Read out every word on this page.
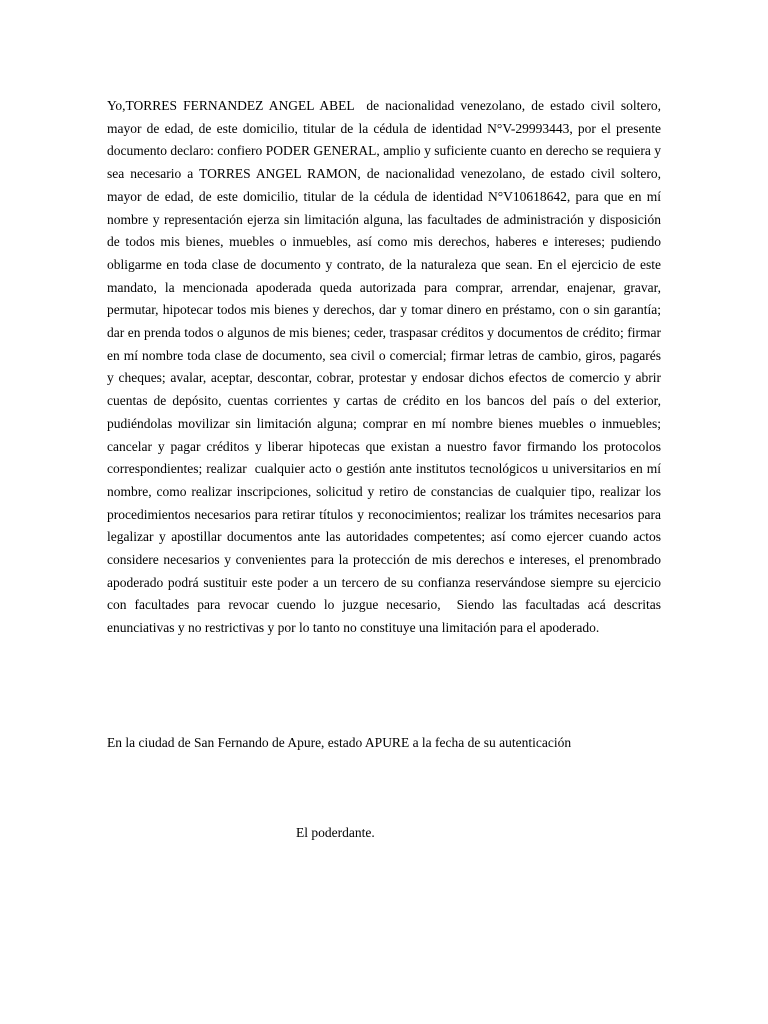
Yo,TORRES FERNANDEZ ANGEL ABEL  de nacionalidad venezolano, de estado civil soltero, mayor de edad, de este domicilio, titular de la cédula de identidad N°V-29993443, por el presente documento declaro: confiero PODER GENERAL, amplio y suficiente cuanto en derecho se requiera y sea necesario a TORRES ANGEL RAMON, de nacionalidad venezolano, de estado civil soltero, mayor de edad, de este domicilio, titular de la cédula de identidad N°V10618642, para que en mí nombre y representación ejerza sin limitación alguna, las facultades de administración y disposición de todos mis bienes, muebles o inmuebles, así como mis derechos, haberes e intereses; pudiendo obligarme en toda clase de documento y contrato, de la naturaleza que sean. En el ejercicio de este mandato, la mencionada apoderada queda autorizada para comprar, arrendar, enajenar, gravar, permutar, hipotecar todos mis bienes y derechos, dar y tomar dinero en préstamo, con o sin garantía; dar en prenda todos o algunos de mis bienes; ceder, traspasar créditos y documentos de crédito; firmar en mí nombre toda clase de documento, sea civil o comercial; firmar letras de cambio, giros, pagarés y cheques; avalar, aceptar, descontar, cobrar, protestar y endosar dichos efectos de comercio y abrir cuentas de depósito, cuentas corrientes y cartas de crédito en los bancos del país o del exterior, pudiéndolas movilizar sin limitación alguna; comprar en mí nombre bienes muebles o inmuebles; cancelar y pagar créditos y liberar hipotecas que existan a nuestro favor firmando los protocolos correspondientes; realizar  cualquier acto o gestión ante institutos tecnológicos u universitarios en mí nombre, como realizar inscripciones, solicitud y retiro de constancias de cualquier tipo, realizar los procedimientos necesarios para retirar títulos y reconocimientos; realizar los trámites necesarios para legalizar y apostillar documentos ante las autoridades competentes; así como ejercer cuando actos considere necesarios y convenientes para la protección de mis derechos e intereses, el prenombrado apoderado podrá sustituir este poder a un tercero de su confianza reservándose siempre su ejercicio con facultades para revocar cuendo lo juzgue necesario,  Siendo las facultadas acá descritas enunciativas y no restrictivas y por lo tanto no constituye una limitación para el apoderado.

En la ciudad de San Fernando de Apure, estado APURE a la fecha de su autenticación

El poderdante.
